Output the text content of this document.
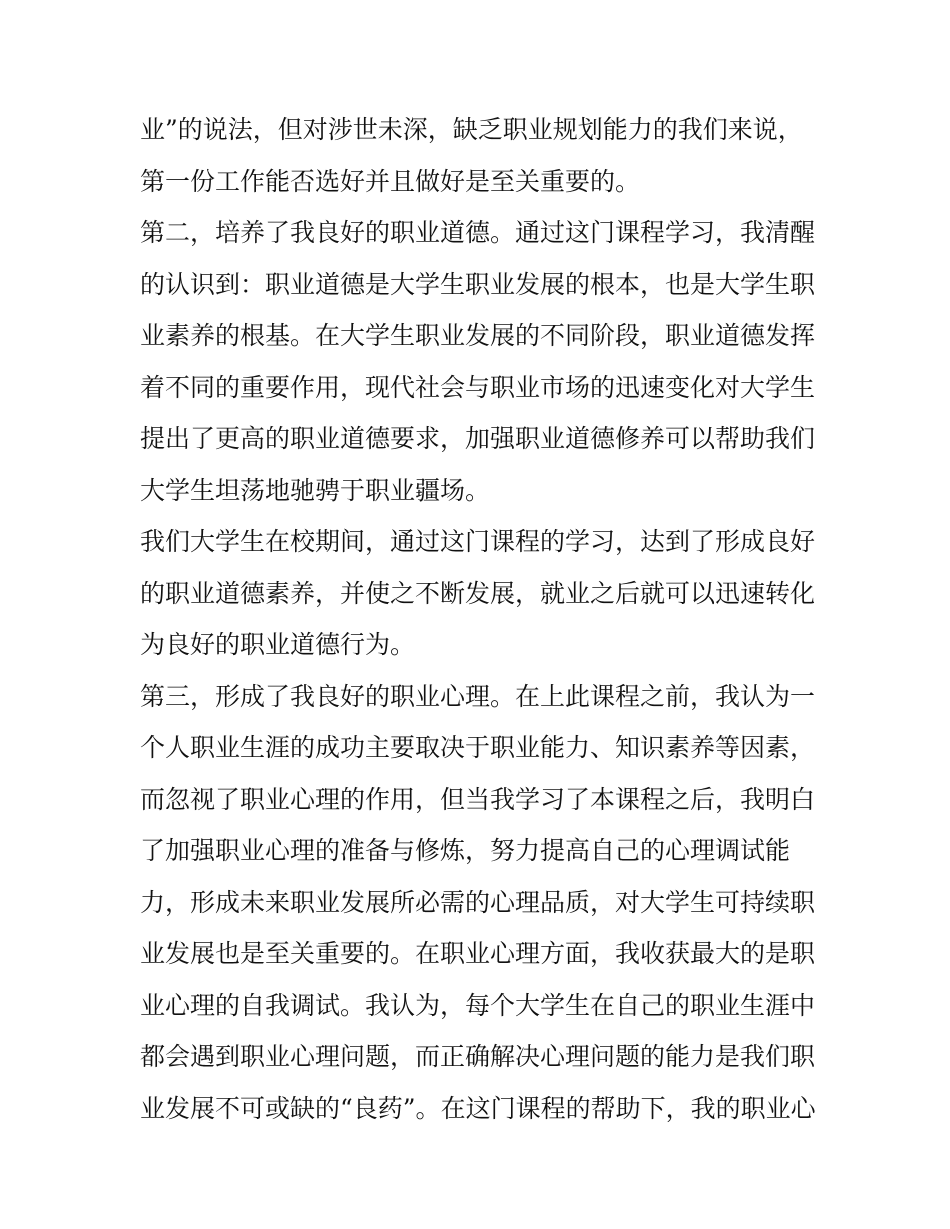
业”的说法，但对涉世未深，缺乏职业规划能力的我们来说，
第一份工作能否选好并且做好是至关重要的。
第二，培养了我良好的职业道德。通过这门课程学习，我清醒
的认识到：职业道德是大学生职业发展的根本，也是大学生职
业素养的根基。在大学生职业发展的不同阶段，职业道德发挥
着不同的重要作用，现代社会与职业市场的迅速变化对大学生
提出了更高的职业道德要求，加强职业道德修养可以帮助我们
大学生坦荡地驰骋于职业疆场。
我们大学生在校期间，通过这门课程的学习，达到了形成良好
的职业道德素养，并使之不断发展，就业之后就可以迅速转化
为良好的职业道德行为。
第三，形成了我良好的职业心理。在上此课程之前，我认为一
个人职业生涯的成功主要取决于职业能力、知识素养等因素，
而忽视了职业心理的作用，但当我学习了本课程之后，我明白
了加强职业心理的准备与修炼，努力提高自己的心理调试能
力，形成未来职业发展所必需的心理品质，对大学生可持续职
业发展也是至关重要的。在职业心理方面，我收获最大的是职
业心理的自我调试。我认为，每个大学生在自己的职业生涯中
都会遇到职业心理问题，而正确解决心理问题的能力是我们职
业发展不可或缺的“良药”。在这门课程的帮助下，我的职业心
